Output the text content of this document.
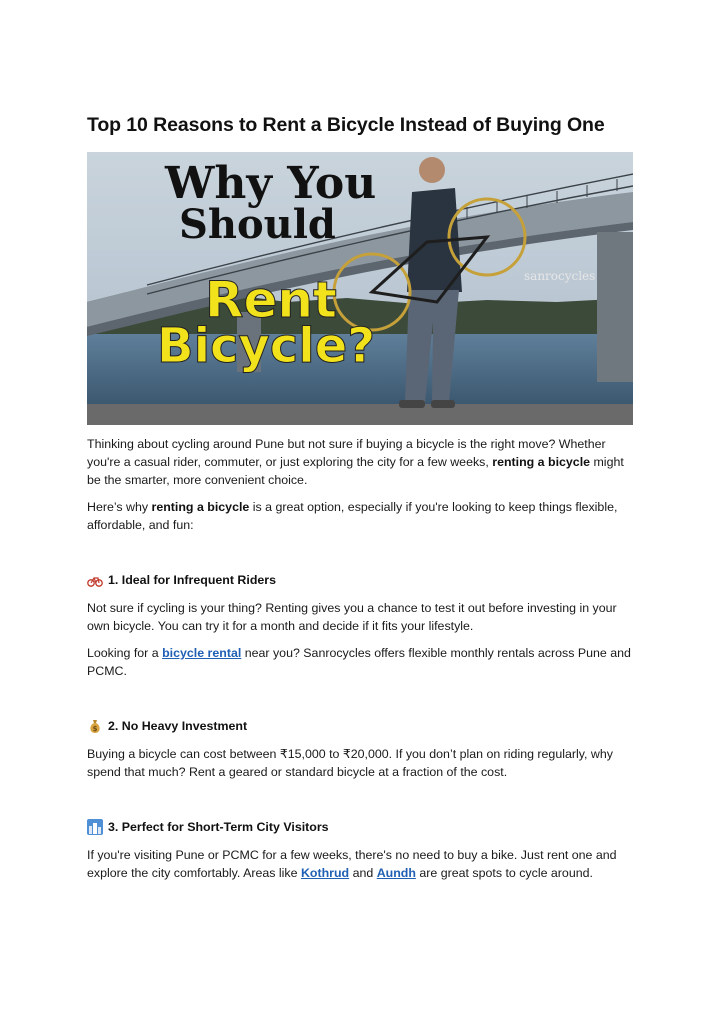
Top 10 Reasons to Rent a Bicycle Instead of Buying One
sanrocycles
Why You
Should
Rent
Bicycle?

Thinking about cycling around Pune but not sure if buying a bicycle is the right move? Whether you're a casual rider, commuter, or just exploring the city for a few weeks, renting a bicycle might be the smarter, more convenient choice.

Here’s why renting a bicycle is a great option, especially if you're looking to keep things flexible, affordable, and fun:

1. Ideal for Infrequent Riders

Not sure if cycling is your thing? Renting gives you a chance to test it out before investing in your own bicycle. You can try it for a month and decide if it fits your lifestyle.

Looking for a bicycle rental near you? Sanrocycles offers flexible monthly rentals across Pune and PCMC.

$ 2. No Heavy Investment

Buying a bicycle can cost between ₹15,000 to ₹20,000. If you don’t plan on riding regularly, why spend that much? Rent a geared or standard bicycle at a fraction of the cost.

3. Perfect for Short-Term City Visitors

If you're visiting Pune or PCMC for a few weeks, there's no need to buy a bike. Just rent one and explore the city comfortably. Areas like Kothrud and Aundh are great spots to cycle around.
